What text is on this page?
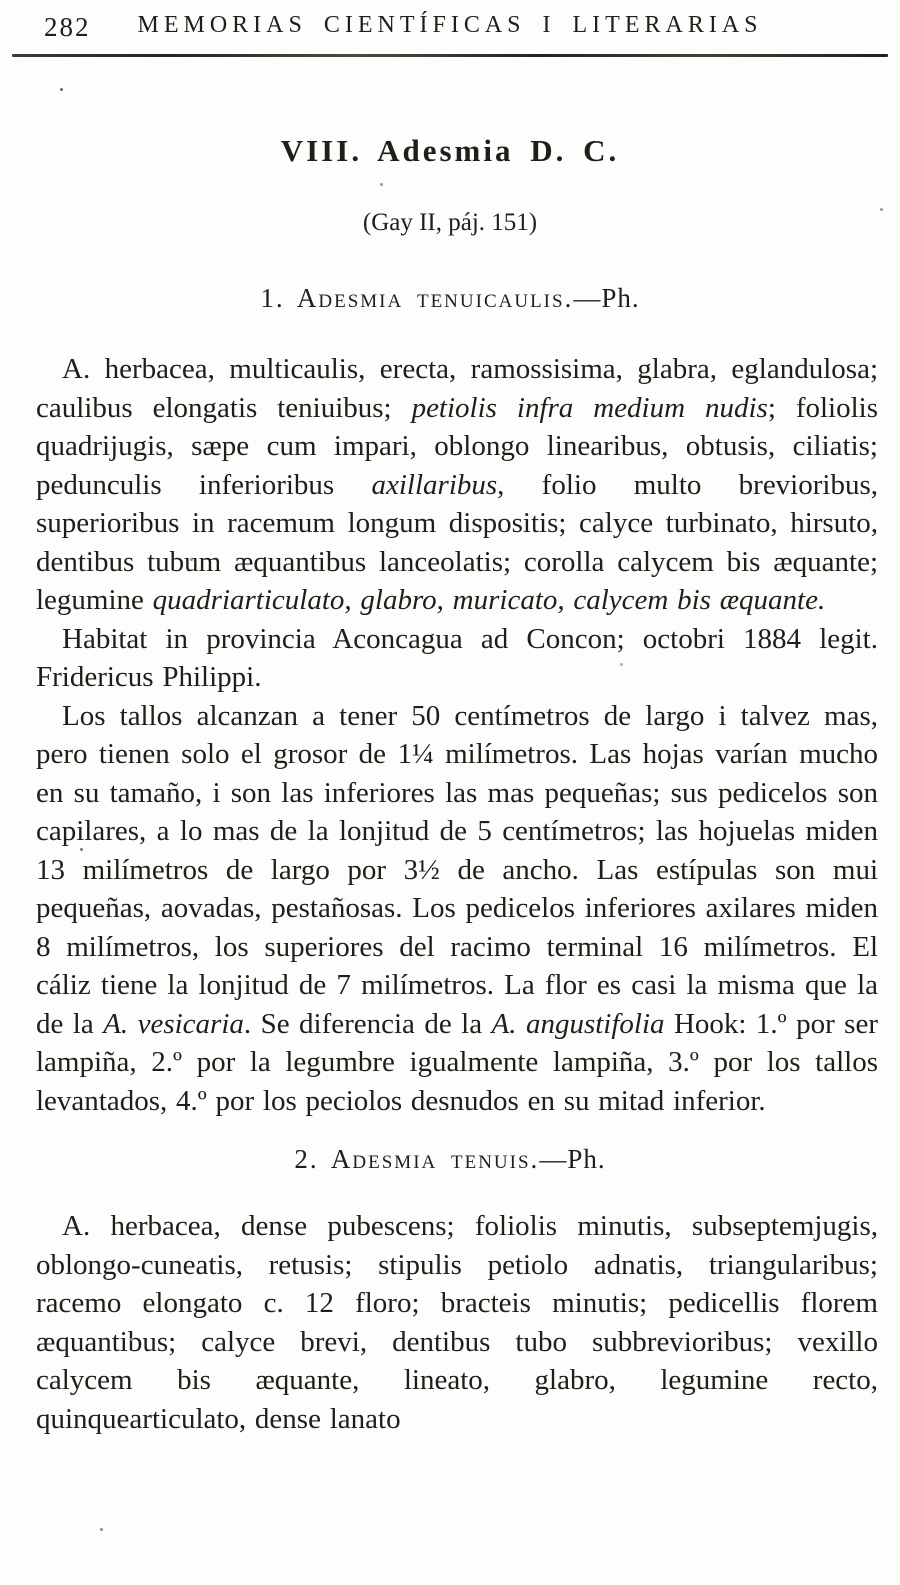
282	MEMORIAS CIENTÍFICAS I LITERARIAS
VIII. Adesmia D. C.
(Gay II, páj. 151)
1. Adesmia tenuicaulis.—Ph.

A. herbacea, multicaulis, erecta, ramossisima, glabra, eglandulosa; caulibus elongatis teniuibus; petiolis infra medium nudis; foliolis quadrijugis, sæpe cum impari, oblongo linearibus, obtusis, ciliatis; pedunculis inferioribus axillaribus, folio multo brevioribus, superioribus in racemum longum dispositis; calyce turbinato, hirsuto, dentibus tubum æquantibus lanceolatis; corolla calycem bis æquante; legumine quadriarticulato, glabro, muricato, calycem bis æquante.

Habitat in provincia Aconcagua ad Concon; octobri 1884 legit. Fridericus Philippi.

Los tallos alcanzan a tener 50 centímetros de largo i talvez mas, pero tienen solo el grosor de 1¼ milímetros. Las hojas varían mucho en su tamaño, i son las inferiores las mas pequeñas; sus pedicelos son capilares, a lo mas de la lonjitud de 5 centímetros; las hojuelas miden 13 milímetros de largo por 3½ de ancho. Las estípulas son mui pequeñas, aovadas, pestañosas. Los pedicelos inferiores axilares miden 8 milímetros, los superiores del racimo terminal 16 milímetros. El cáliz tiene la lonjitud de 7 milímetros. La flor es casi la misma que la de la A. vesicaria. Se diferencia de la A. angustifolia Hook: 1.º por ser lampiña, 2.º por la legumbre igualmente lampiña, 3.º por los tallos levantados, 4.º por los peciolos desnudos en su mitad inferior.

2. Adesmia tenuis.—Ph.

A. herbacea, dense pubescens; foliolis minutis, subseptemjugis, oblongo-cuneatis, retusis; stipulis petiolo adnatis, triangularibus; racemo elongato c. 12 floro; bracteis minutis; pedicellis florem æquantibus; calyce brevi, dentibus tubo subbrevioribus; vexillo calycem bis æquante, lineato, glabro, legumine recto, quinquearticulato, dense lanato
